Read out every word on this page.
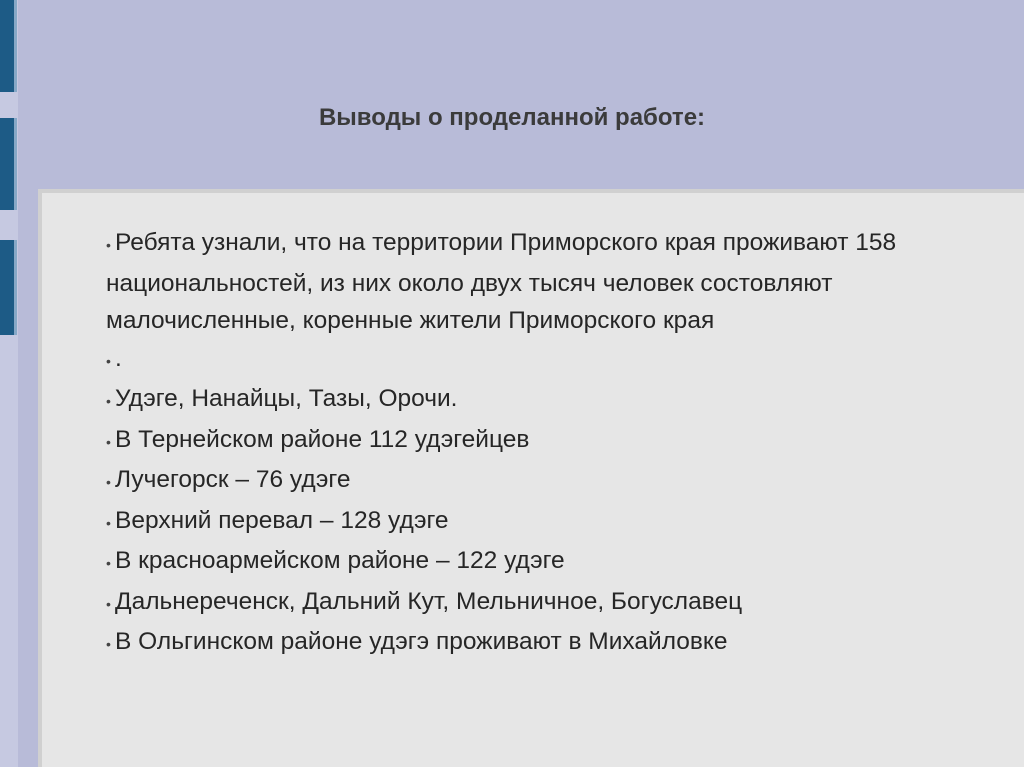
Выводы о проделанной работе:
• Ребята узнали, что на территории Приморского края проживают 158 национальностей, из них около двух тысяч человек состовляют малочисленные, коренные жители Приморского края
• .
• Удэге, Нанайцы, Тазы, Орочи.
• В Тернейском районе 112 удэгейцев
• Лучегорск – 76 удэге
• Верхний перевал – 128 удэге
• В красноармейском районе – 122 удэге
• Дальнереченск, Дальний Кут, Мельничное, Богуславец
• В Ольгинском районе удэгэ проживают в Михайловке
